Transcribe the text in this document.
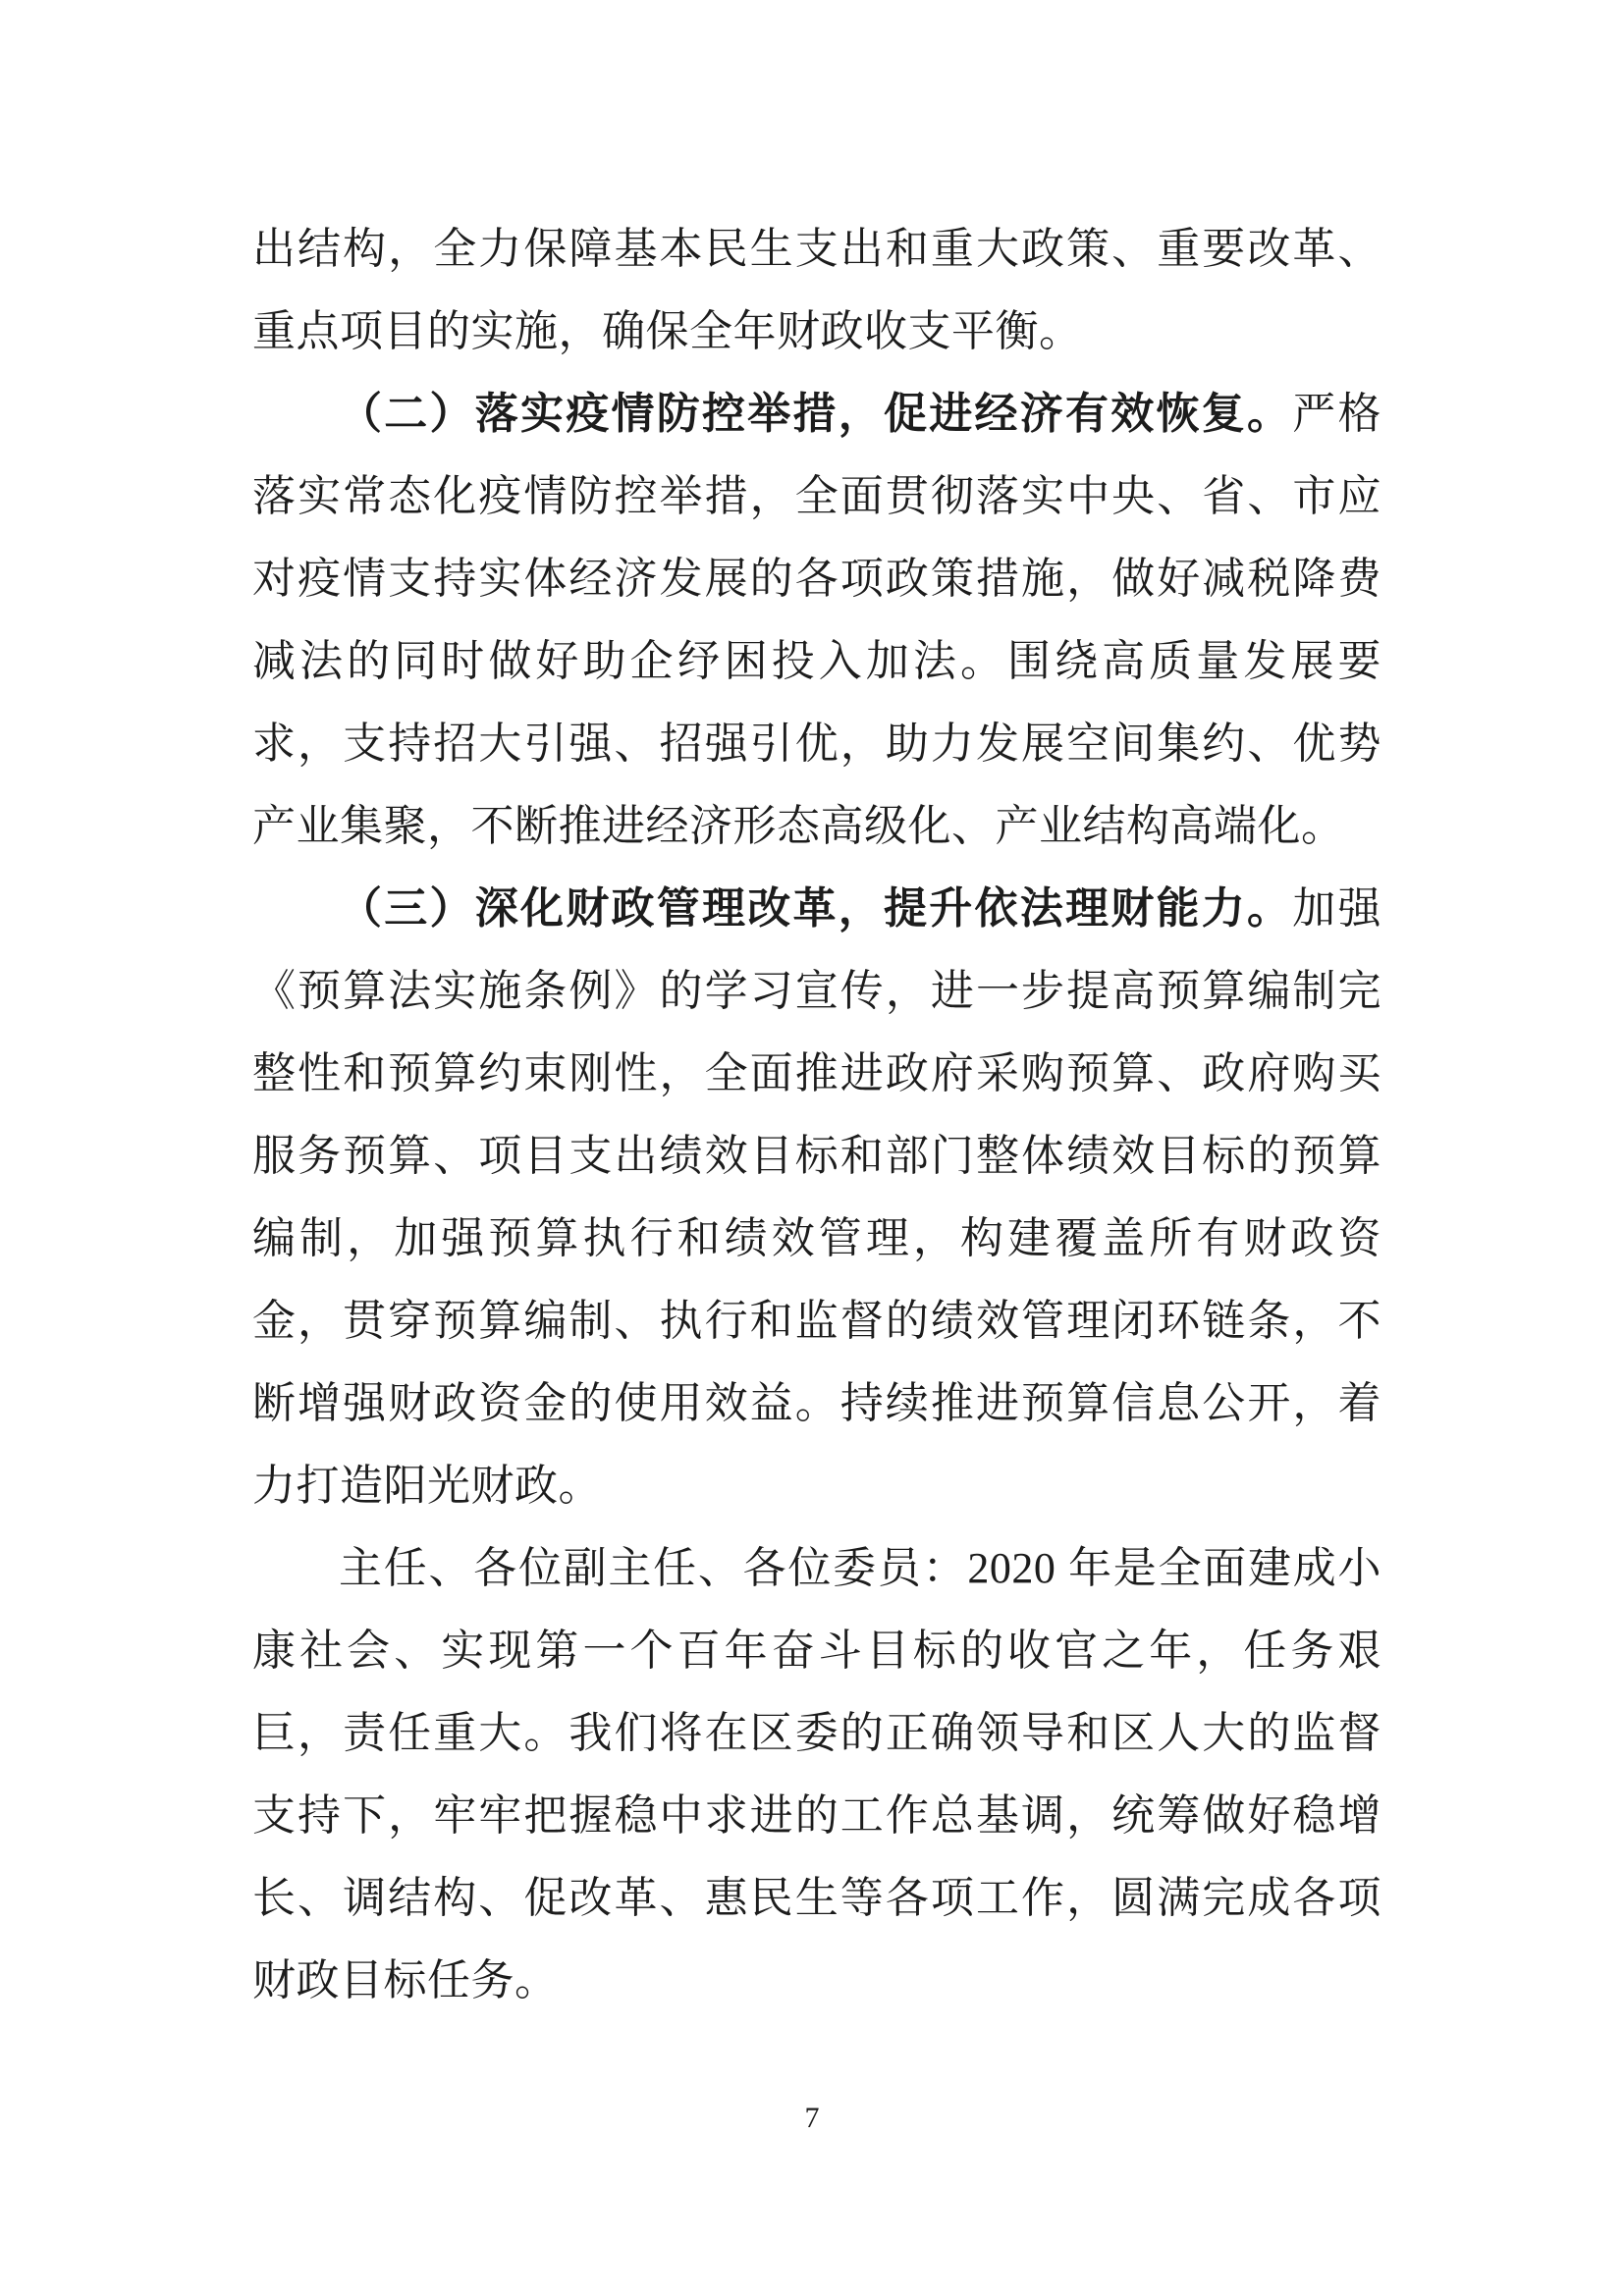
出结构，全力保障基本民生支出和重大政策、重要改革、重点项目的实施，确保全年财政收支平衡。

（二）落实疫情防控举措，促进经济有效恢复。严格落实常态化疫情防控举措，全面贯彻落实中央、省、市应对疫情支持实体经济发展的各项政策措施，做好减税降费减法的同时做好助企纾困投入加法。围绕高质量发展要求，支持招大引强、招强引优，助力发展空间集约、优势产业集聚，不断推进经济形态高级化、产业结构高端化。

（三）深化财政管理改革，提升依法理财能力。加强《预算法实施条例》的学习宣传，进一步提高预算编制完整性和预算约束刚性，全面推进政府采购预算、政府购买服务预算、项目支出绩效目标和部门整体绩效目标的预算编制，加强预算执行和绩效管理，构建覆盖所有财政资金，贯穿预算编制、执行和监督的绩效管理闭环链条，不断增强财政资金的使用效益。持续推进预算信息公开，着力打造阳光财政。

主任、各位副主任、各位委员：2020 年是全面建成小康社会、实现第一个百年奋斗目标的收官之年，任务艰巨，责任重大。我们将在区委的正确领导和区人大的监督支持下，牢牢把握稳中求进的工作总基调，统筹做好稳增长、调结构、促改革、惠民生等各项工作，圆满完成各项财政目标任务。

7
